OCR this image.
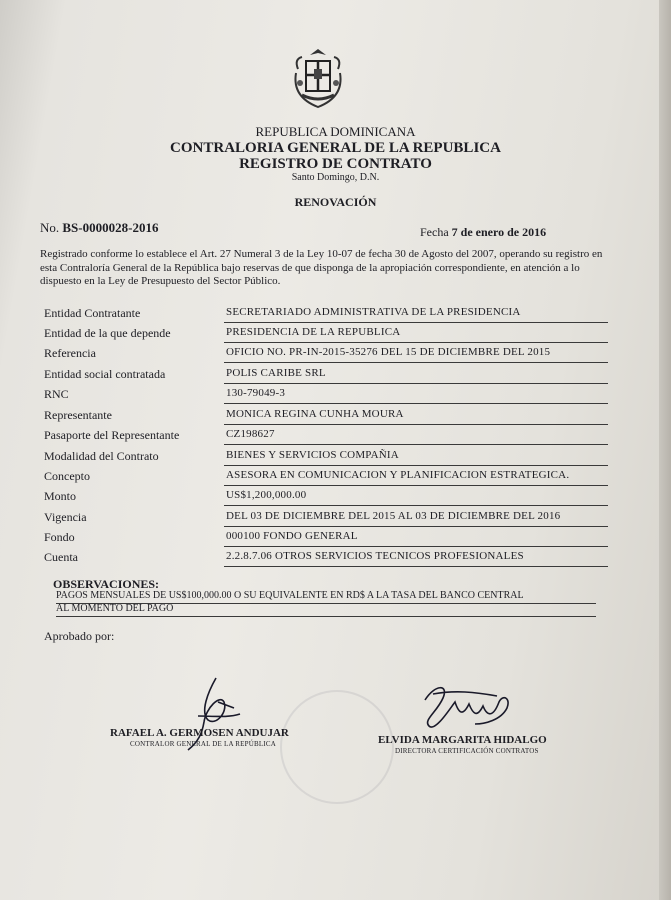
REPUBLICA DOMINICANA

CONTRALORIA GENERAL DE LA REPUBLICA

REGISTRO DE CONTRATO

Santo Domingo, D.N.

RENOVACIÓN

No. BS-0000028-2016	Fecha 7 de enero de 2016
Registrado conforme lo establece el Art. 27 Numeral 3 de la Ley 10-07 de fecha 30 de Agosto del 2007, operando su registro en esta Contraloría General de la República bajo reservas de que disponga de la apropiación correspondiente, en atención a lo dispuesto en la Ley de Presupuesto del Sector Público.
Entidad Contratante	SECRETARIADO ADMINISTRATIVA DE LA PRESIDENCIA
Entidad de la que depende	PRESIDENCIA DE LA REPUBLICA
Referencia	OFICIO NO. PR-IN-2015-35276 DEL 15 DE DICIEMBRE DEL 2015
Entidad social contratada	POLIS CARIBE SRL
RNC	130-79049-3
Representante	MONICA REGINA CUNHA MOURA
Pasaporte del Representante	CZ198627
Modalidad del Contrato	BIENES Y SERVICIOS COMPAÑIA
Concepto	ASESORA EN COMUNICACION Y PLANIFICACION ESTRATEGICA.
Monto	US$1,200,000.00
Vigencia	DEL 03 DE DICIEMBRE DEL 2015 AL 03 DE DICIEMBRE DEL 2016
Fondo	000100 FONDO GENERAL
Cuenta	2.2.8.7.06 OTROS SERVICIOS TECNICOS PROFESIONALES
OBSERVACIONES:
PAGOS MENSUALES DE US$100,000.00 O SU EQUIVALENTE EN RD$ A LA TASA DEL BANCO CENTRAL
AL MOMENTO DEL PAGO
Aprobado por:
RAFAEL A. GERMOSEN ANDUJAR
CONTRALOR GENERAL DE LA REPÚBLICA	ELVIDA MARGARITA HIDALGO
DIRECTORA CERTIFICACIÓN CONTRATOS
